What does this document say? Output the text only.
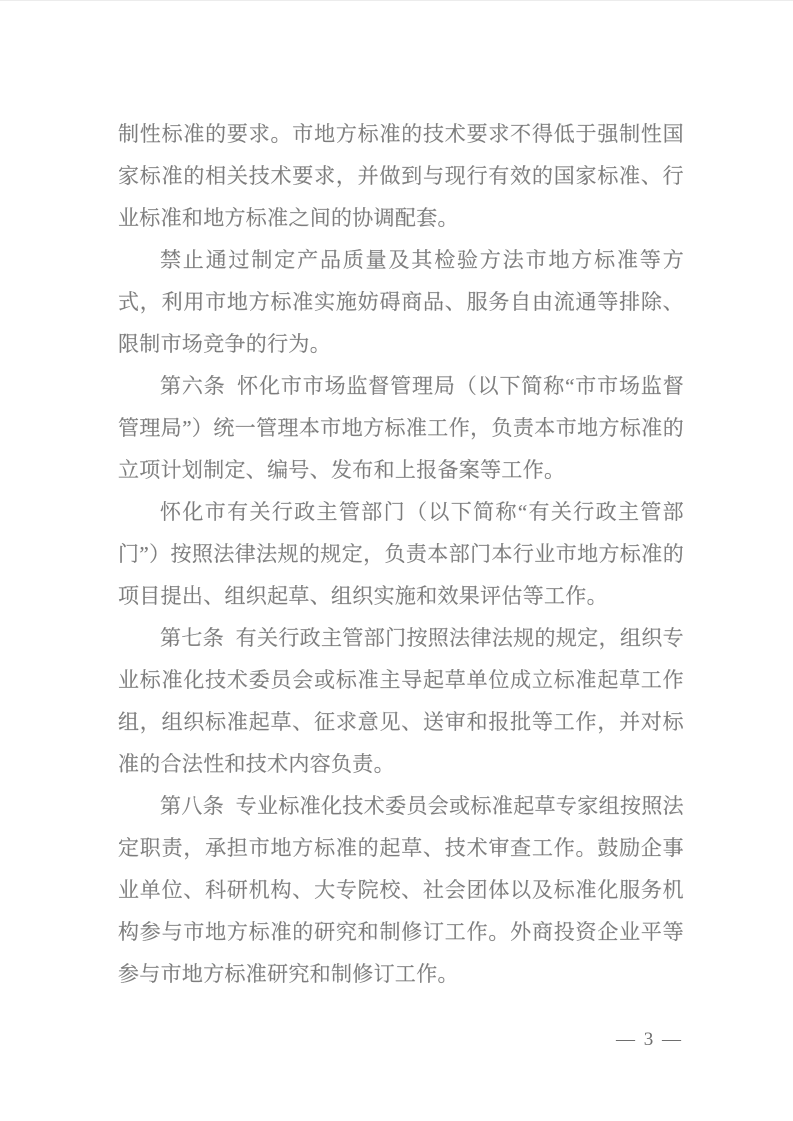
制性标准的要求。市地方标准的技术要求不得低于强制性国家标准的相关技术要求，并做到与现行有效的国家标准、行业标准和地方标准之间的协调配套。

禁止通过制定产品质量及其检验方法市地方标准等方式，利用市地方标准实施妨碍商品、服务自由流通等排除、限制市场竞争的行为。

第六条 怀化市市场监督管理局（以下简称“市市场监督管理局”）统一管理本市地方标准工作，负责本市地方标准的立项计划制定、编号、发布和上报备案等工作。

怀化市有关行政主管部门（以下简称“有关行政主管部门”）按照法律法规的规定，负责本部门本行业市地方标准的项目提出、组织起草、组织实施和效果评估等工作。

第七条 有关行政主管部门按照法律法规的规定，组织专业标准化技术委员会或标准主导起草单位成立标准起草工作组，组织标准起草、征求意见、送审和报批等工作，并对标准的合法性和技术内容负责。

第八条 专业标准化技术委员会或标准起草专家组按照法定职责，承担市地方标准的起草、技术审查工作。鼓励企事业单位、科研机构、大专院校、社会团体以及标准化服务机构参与市地方标准的研究和制修订工作。外商投资企业平等参与市地方标准研究和制修订工作。

— 3 —
